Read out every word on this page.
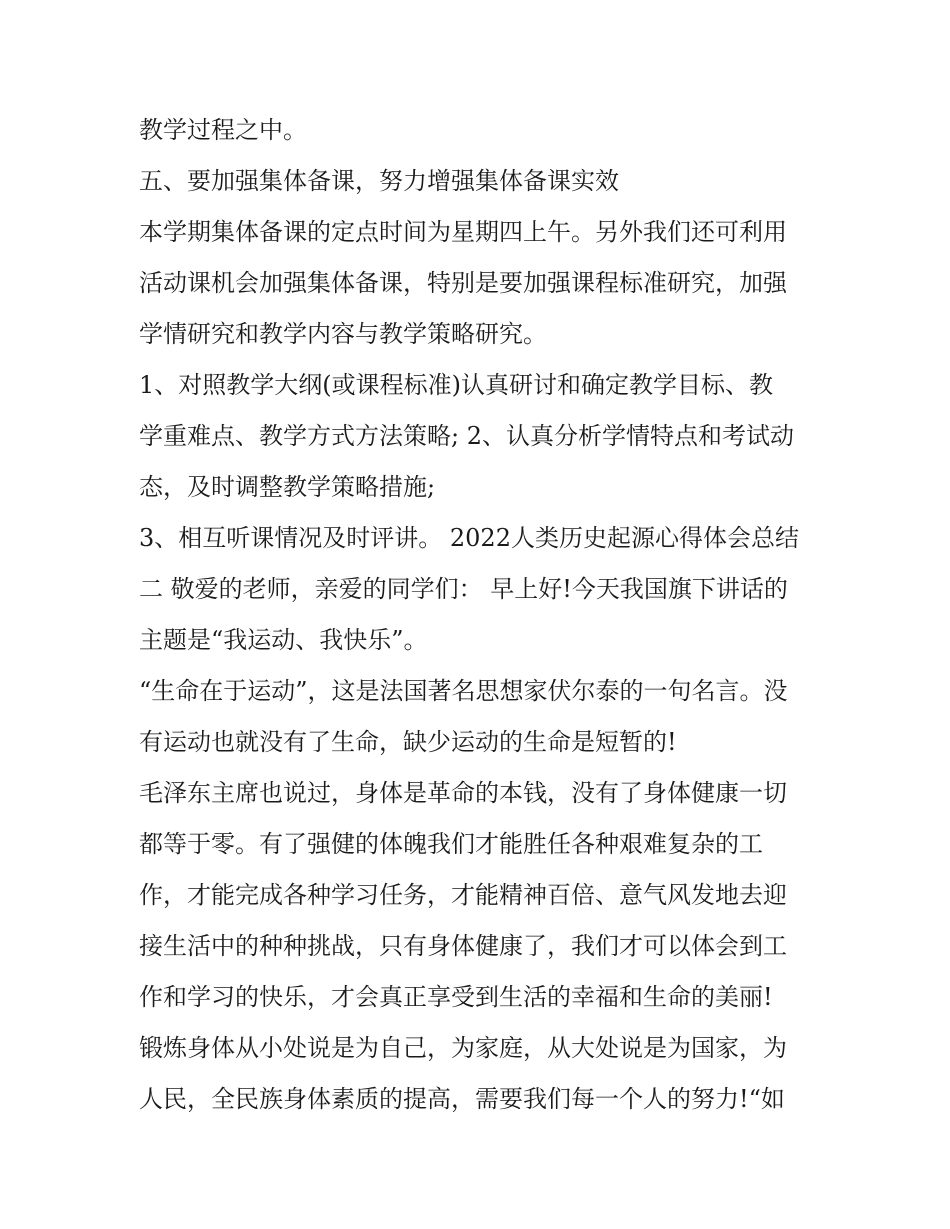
教学过程之中。
五、要加强集体备课，努力增强集体备课实效
本学期集体备课的定点时间为星期四上午。另外我们还可利用
活动课机会加强集体备课，特别是要加强课程标准研究，加强
学情研究和教学内容与教学策略研究。
1、对照教学大纲(或课程标准)认真研讨和确定教学目标、教
学重难点、教学方式方法策略; 2、认真分析学情特点和考试动
态，及时调整教学策略措施;
3、相互听课情况及时评讲。 2022人类历史起源心得体会总结
二 敬爱的老师，亲爱的同学们： 早上好!今天我国旗下讲话的
主题是“我运动、我快乐”。
“生命在于运动”，这是法国著名思想家伏尔泰的一句名言。没
有运动也就没有了生命，缺少运动的生命是短暂的!
毛泽东主席也说过，身体是革命的本钱，没有了身体健康一切
都等于零。有了强健的体魄我们才能胜任各种艰难复杂的工
作，才能完成各种学习任务，才能精神百倍、意气风发地去迎
接生活中的种种挑战，只有身体健康了，我们才可以体会到工
作和学习的快乐，才会真正享受到生活的幸福和生命的美丽!
锻炼身体从小处说是为自己，为家庭，从大处说是为国家，为
人民，全民族身体素质的提高，需要我们每一个人的努力!“如
